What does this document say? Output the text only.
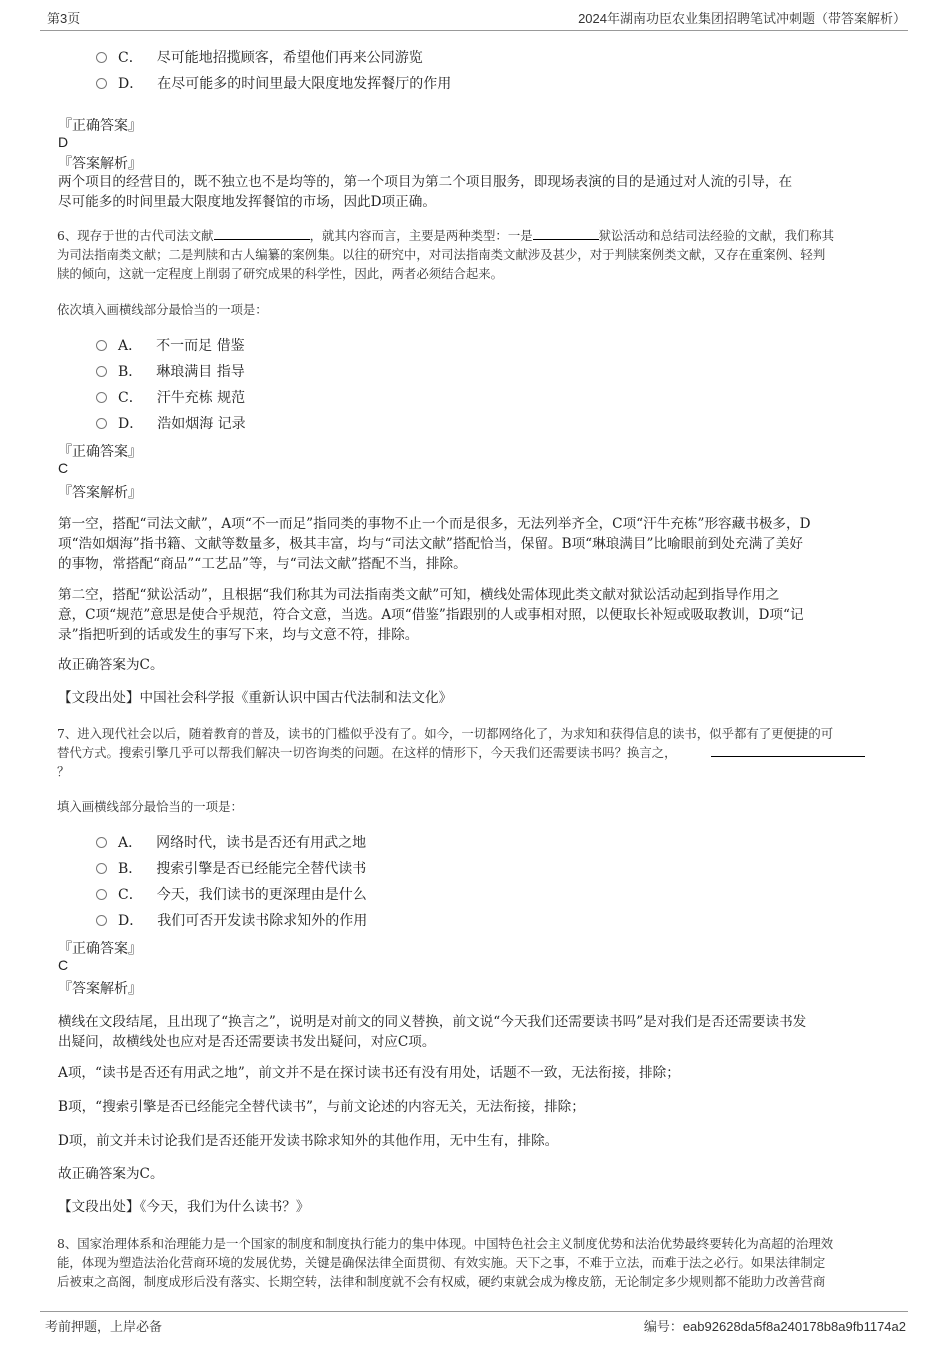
第3页	2024年湖南功臣农业集团招聘笔试冲刺题（带答案解析）
C． 尽可能地招揽顾客，希望他们再来公同游览
D． 在尽可能多的时间里最大限度地发挥餐厅的作用
『正确答案』
D
『答案解析』
两个项目的经营目的，既不独立也不是均等的，第一个项目为第二个项目服务，即现场表演的目的是通过对人流的引导，在
尽可能多的时间里最大限度地发挥餐馆的市场，因此D项正确。
6、现存于世的古代司法文献	，就其内容而言，主要是两种类型：一是	狱讼活动和总结司法经验的文献，我们称其
为司法指南类文献；二是判牍和古人编纂的案例集。以往的研究中，对司法指南类文献涉及甚少，对于判牍案例类文献，又存在重案例、轻判
牍的倾向，这就一定程度上削弱了研究成果的科学性，因此，两者必须结合起来。
依次填入画横线部分最恰当的一项是：
A． 不一而足 借鉴
B． 琳琅满目 指导
C． 汗牛充栋 规范
D． 浩如烟海 记录
『正确答案』
C
『答案解析』
第一空，搭配“司法文献”，A项“不一而足”指同类的事物不止一个而是很多，无法列举齐全，C项“汗牛充栋”形容藏书极多，D
项“浩如烟海”指书籍、文献等数量多，极其丰富，均与“司法文献”搭配恰当，保留。B项“琳琅满目”比喻眼前到处充满了美好
的事物，常搭配“商品”“工艺品”等，与“司法文献”搭配不当，排除。
第二空，搭配“狱讼活动”，且根据“我们称其为司法指南类文献”可知，横线处需体现此类文献对狱讼活动起到指导作用之
意，C项“规范”意思是使合乎规范，符合文意，当选。A项“借鉴”指跟别的人或事相对照，以便取长补短或吸取教训，D项“记
录”指把听到的话或发生的事写下来，均与文意不符，排除。
故正确答案为C。
【文段出处】中国社会科学报《重新认识中国古代法制和法文化》
7、进入现代社会以后，随着教育的普及，读书的门槛似乎没有了。如今，一切都网络化了，为求知和获得信息的读书，似乎都有了更便捷的可
替代方式。搜索引擎几乎可以帮我们解决一切咨询类的问题。在这样的情形下，今天我们还需要读书吗？换言之，
？
填入画横线部分最恰当的一项是：
A． 网络时代，读书是否还有用武之地
B． 搜索引擎是否已经能完全替代读书
C． 今天，我们读书的更深理由是什么
D． 我们可否开发读书除求知外的作用
『正确答案』
C
『答案解析』
横线在文段结尾，且出现了“换言之”，说明是对前文的同义替换，前文说“今天我们还需要读书吗”是对我们是否还需要读书发
出疑问，故横线处也应对是否还需要读书发出疑问，对应C项。
A项，“读书是否还有用武之地”，前文并不是在探讨读书还有没有用处，话题不一致，无法衔接，排除；
B项，“搜索引擎是否已经能完全替代读书”，与前文论述的内容无关，无法衔接，排除；
D项，前文并未讨论我们是否还能开发读书除求知外的其他作用，无中生有，排除。
故正确答案为C。
【文段出处】《今天，我们为什么读书？》
8、国家治理体系和治理能力是一个国家的制度和制度执行能力的集中体现。中国特色社会主义制度优势和法治优势最终要转化为高超的治理效
能，体现为塑造法治化营商环境的发展优势，关键是确保法律全面贯彻、有效实施。天下之事，不难于立法，而难于法之必行。如果法律制定
后被束之高阁，制度成形后没有落实、长期空转，法律和制度就不会有权威，硬约束就会成为橡皮筋，无论制定多少规则都不能助力改善营商
考前押题，上岸必备	编号：eab92628da5f8a240178b8a9fb1174a2
